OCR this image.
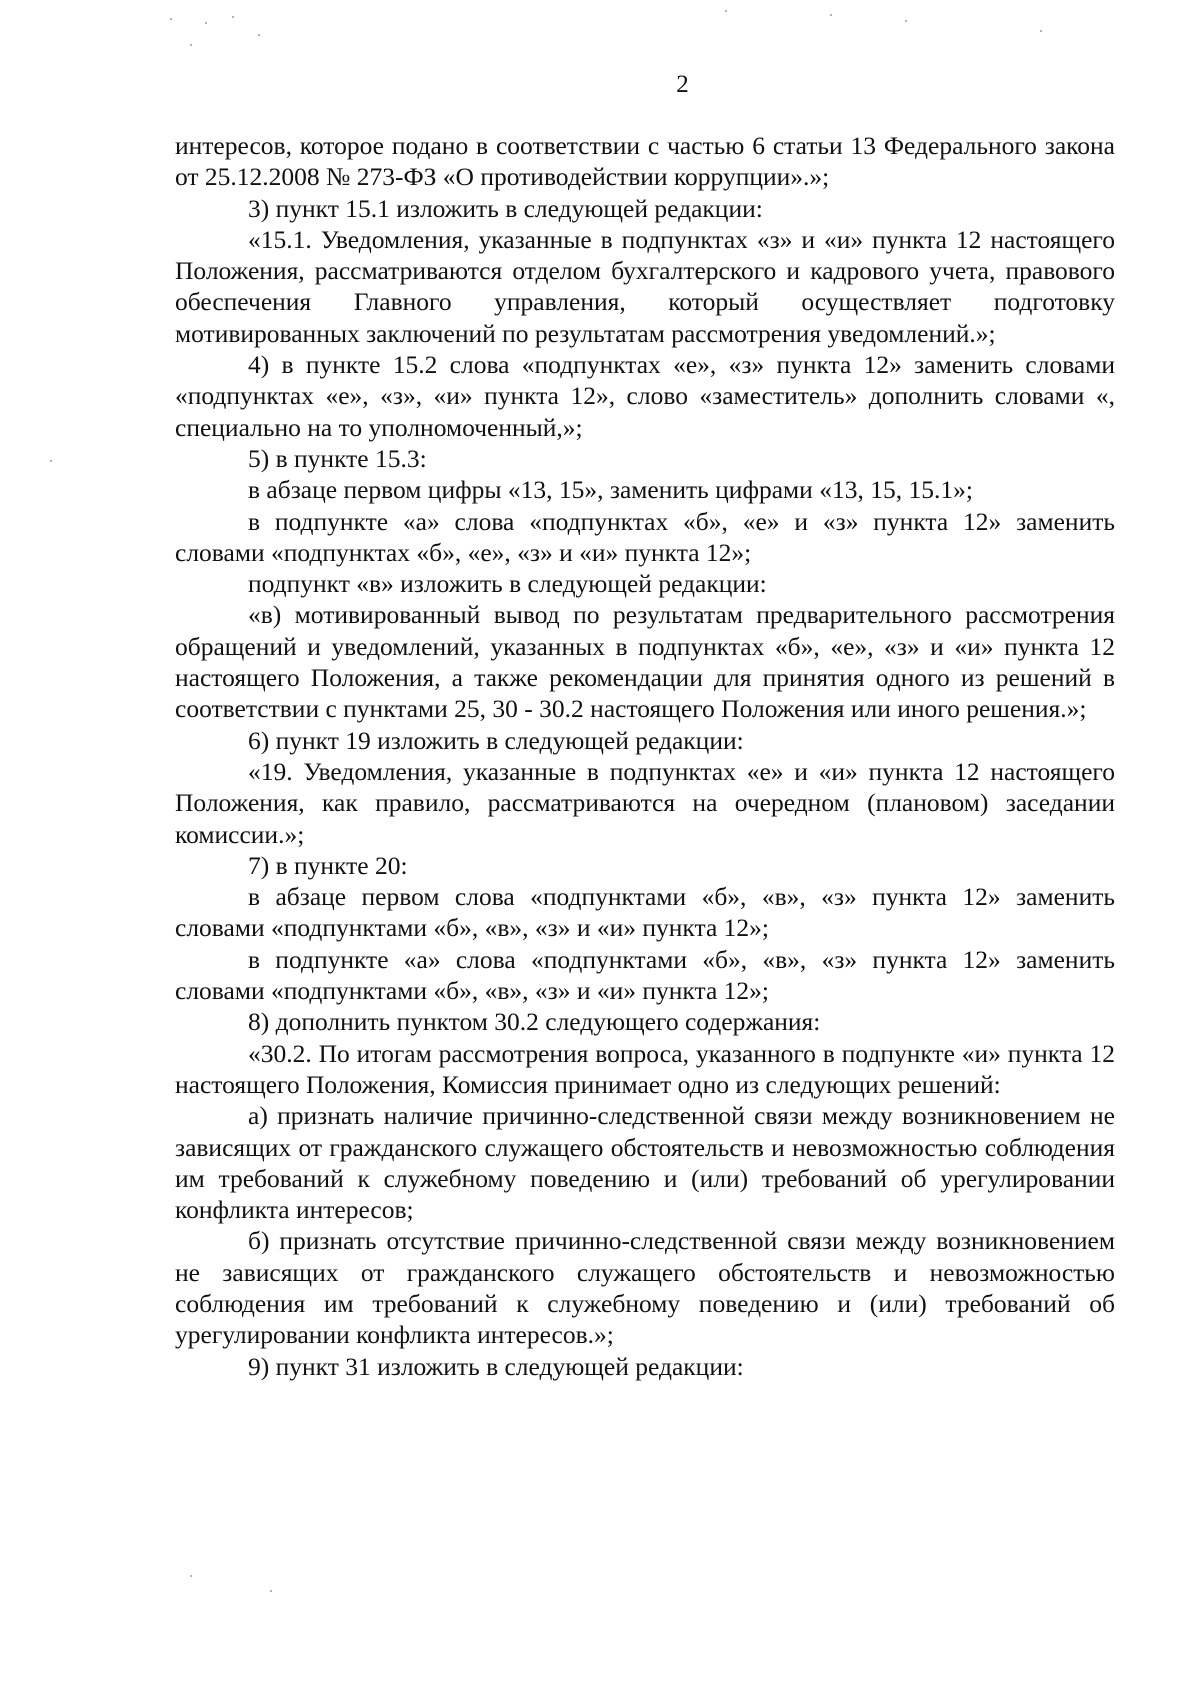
2

интересов, которое подано в соответствии с частью 6 статьи 13 Федерального закона от 25.12.2008 № 273-ФЗ «О противодействии коррупции».»;

3) пункт 15.1 изложить в следующей редакции:

«15.1. Уведомления, указанные в подпунктах «з» и «и» пункта 12 настоящего Положения, рассматриваются отделом бухгалтерского и кадрового учета, правового обеспечения Главного управления, который осуществляет подготовку мотивированных заключений по результатам рассмотрения уведомлений.»;

4) в пункте 15.2 слова «подпунктах «е», «з» пункта 12» заменить словами «подпунктах «е», «з», «и» пункта 12», слово «заместитель» дополнить словами «, специально на то уполномоченный,»;

5) в пункте 15.3:

в абзаце первом цифры «13, 15», заменить цифрами «13, 15, 15.1»;

в подпункте «а» слова «подпунктах «б», «е» и «з» пункта 12» заменить словами «подпунктах «б», «е», «з» и «и» пункта 12»;

подпункт «в» изложить в следующей редакции:

«в) мотивированный вывод по результатам предварительного рассмотрения обращений и уведомлений, указанных в подпунктах «б», «е», «з» и «и» пункта 12 настоящего Положения, а также рекомендации для принятия одного из решений в соответствии с пунктами 25, 30 - 30.2 настоящего Положения или иного решения.»;

6) пункт 19 изложить в следующей редакции:

«19. Уведомления, указанные в подпунктах «е» и «и» пункта 12 настоящего Положения, как правило, рассматриваются на очередном (плановом) заседании комиссии.»;

7) в пункте 20:

в абзаце первом слова «подпунктами «б», «в», «з» пункта 12» заменить словами «подпунктами «б», «в», «з» и «и» пункта 12»;

в подпункте «а» слова «подпунктами «б», «в», «з» пункта 12» заменить словами «подпунктами «б», «в», «з» и «и» пункта 12»;

8) дополнить пунктом 30.2 следующего содержания:

«30.2. По итогам рассмотрения вопроса, указанного в подпункте «и» пункта 12 настоящего Положения, Комиссия принимает одно из следующих решений:

а) признать наличие причинно-следственной связи между возникновением не зависящих от гражданского служащего обстоятельств и невозможностью соблюдения им требований к служебному поведению и (или) требований об урегулировании конфликта интересов;

б) признать отсутствие причинно-следственной связи между возникновением не зависящих от гражданского служащего обстоятельств и невозможностью соблюдения им требований к служебному поведению и (или) требований об урегулировании конфликта интересов.»;

9) пункт 31 изложить в следующей редакции:
